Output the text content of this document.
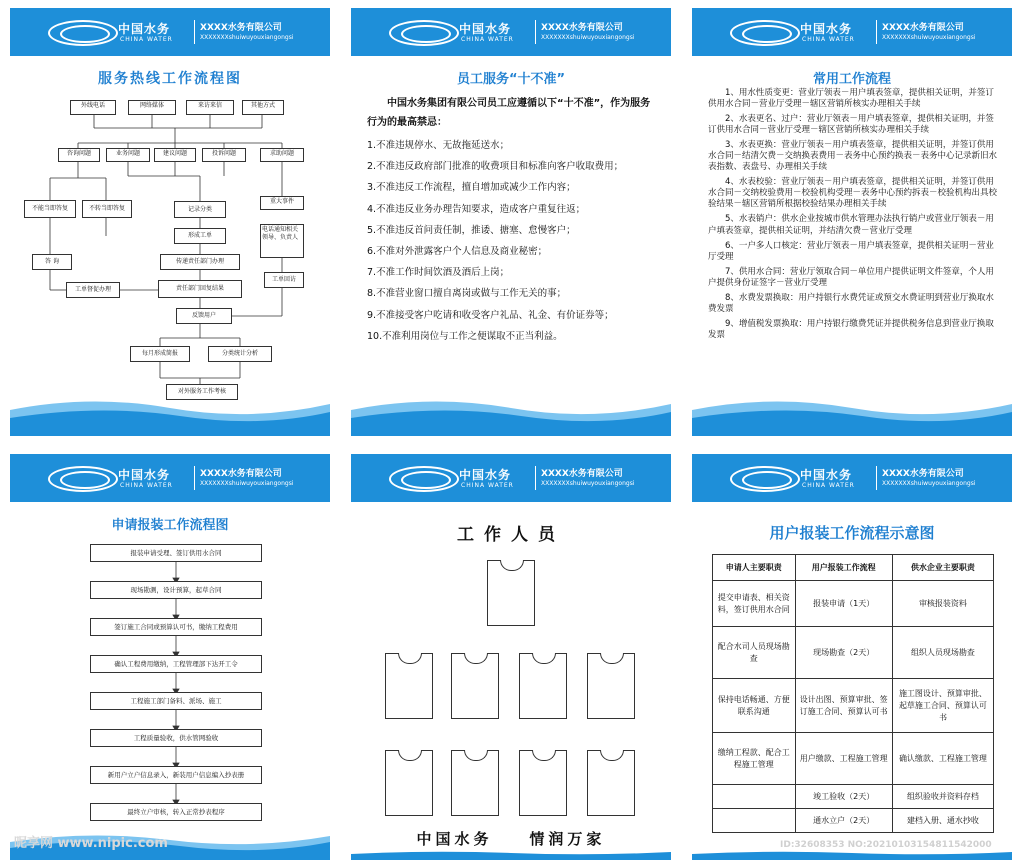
中国水务
CHINA WATER
XXXX水务有限公司
XXXXXXXshuiwuyouxiangongsi
服务热线工作流程图
外线电话	网络媒体	来访来信	其他方式
咨询问题	业务问题	建议问题	投诉问题	求助问题
不能当即答复	不转当即答复	记录分类
重大事件
电话通知相关领导、负责人
形成工单
传递责任部门办理
答 询
工单督促办理	责任部门回复结果
工单回访
反馈用户
每月形成简报	分类统计分析
对外服务工作考核
中国水务
CHINA WATER
XXXX水务有限公司
XXXXXXXshuiwuyouxiangongsi
员工服务“十不准”
中国水务集团有限公司员工应遵循以下“十不准”，作为服务行为的最高禁忌：

1.不准违规停水、无故拖延送水；

2.不准违反政府部门批准的收费项目和标准向客户收取费用；

3.不准违反工作流程，擅自增加或减少工作内容；

4.不准违反业务办理告知要求，造成客户重复往返；

5.不准违反首问责任制，推诿、搪塞、怠慢客户；

6.不准对外泄露客户个人信息及商业秘密；

7.不准工作时间饮酒及酒后上岗；

8.不准营业窗口擅自离岗或做与工作无关的事；

9.不准接受客户吃请和收受客户礼品、礼金、有价证券等；

10.不准利用岗位与工作之便谋取不正当利益。

中国水务
CHINA WATER
XXXX水务有限公司
XXXXXXXshuiwuyouxiangongsi
常用工作流程

1、用水性质变更：营业厅领表－用户填表签章，提供相关证明，并签订供用水合同－营业厅受理－辖区营销所核实办理相关手续

2、水表更名、过户：营业厅领表－用户填表签章，提供相关证明，并签订供用水合同－营业厅受理－辖区营销所核实办理相关手续

3、水表更换：营业厅领表－用户填表签章，提供相关证明，并签订供用水合同－结清欠费－交纳换表费用－表务中心预约换表－表务中心记录新旧水表指数、表盘号、办理相关手续

4、水表校验：营业厅领表－用户填表签章，提供相关证明，并签订供用水合同－交纳校验费用－校验机构受理－表务中心预约拆表－校验机构出具校验结果－辖区营销所根据校验结果办理相关手续

5、水表销户：供水企业按城市供水管理办法执行销户或营业厅领表－用户填表签章，提供相关证明，并结清欠费－营业厅受理

6、一户多人口核定：营业厅领表－用户填表签章，提供相关证明－营业厅受理

7、供用水合同：营业厅领取合同－单位用户提供证明文件签章，个人用户提供身份证签字－营业厅受理

8、水费发票换取：用户持银行水费凭证或预交水费证明到营业厅换取水费发票

9、增值税发票换取：用户持银行缴费凭证并提供税务信息到营业厅换取发票

中国水务
CHINA WATER
XXXX水务有限公司
XXXXXXXshuiwuyouxiangongsi
申请报装工作流程图
报装申请受理、签订供用水合同
现场勘测，设计预算，起草合同
签订施工合同或预算认可书，缴纳工程费用
确认工程费用缴纳，工程管理部下达开工令
工程施工部门备料、派场、施工
工程质量验收，供水管网验收
新用户立户信息录入，新装用户信息编入抄表册
最终立户审核，转入正常抄表程序
中国水务
CHINA WATER
XXXX水务有限公司
XXXXXXXshuiwuyouxiangongsi
工作人员
中国水务    情润万家
中国水务
CHINA WATER
XXXX水务有限公司
XXXXXXXshuiwuyouxiangongsi
用户报装工作流程示意图
申请人主要职责	用户报装工作流程	供水企业主要职责
提交申请表、相关资料，签订供用水合同	报装申请（1天）	审核报装资料
配合水司人员现场勘查	现场勘查（2天）	组织人员现场勘查
保持电话畅通、方便联系沟通	设计出图、预算审批、签订施工合同、预算认可书	施工图设计、预算审批、起草施工合同、预算认可书
缴纳工程款、配合工程施工管理	用户缴款、工程施工管理	确认缴款、工程施工管理
	竣工验收（2天）	组织验收并资料存档
	通水立户（2天）	建档入册、通水抄收
昵享网 www.nipic.com	ID:32608353 NO:20210103154811542000
